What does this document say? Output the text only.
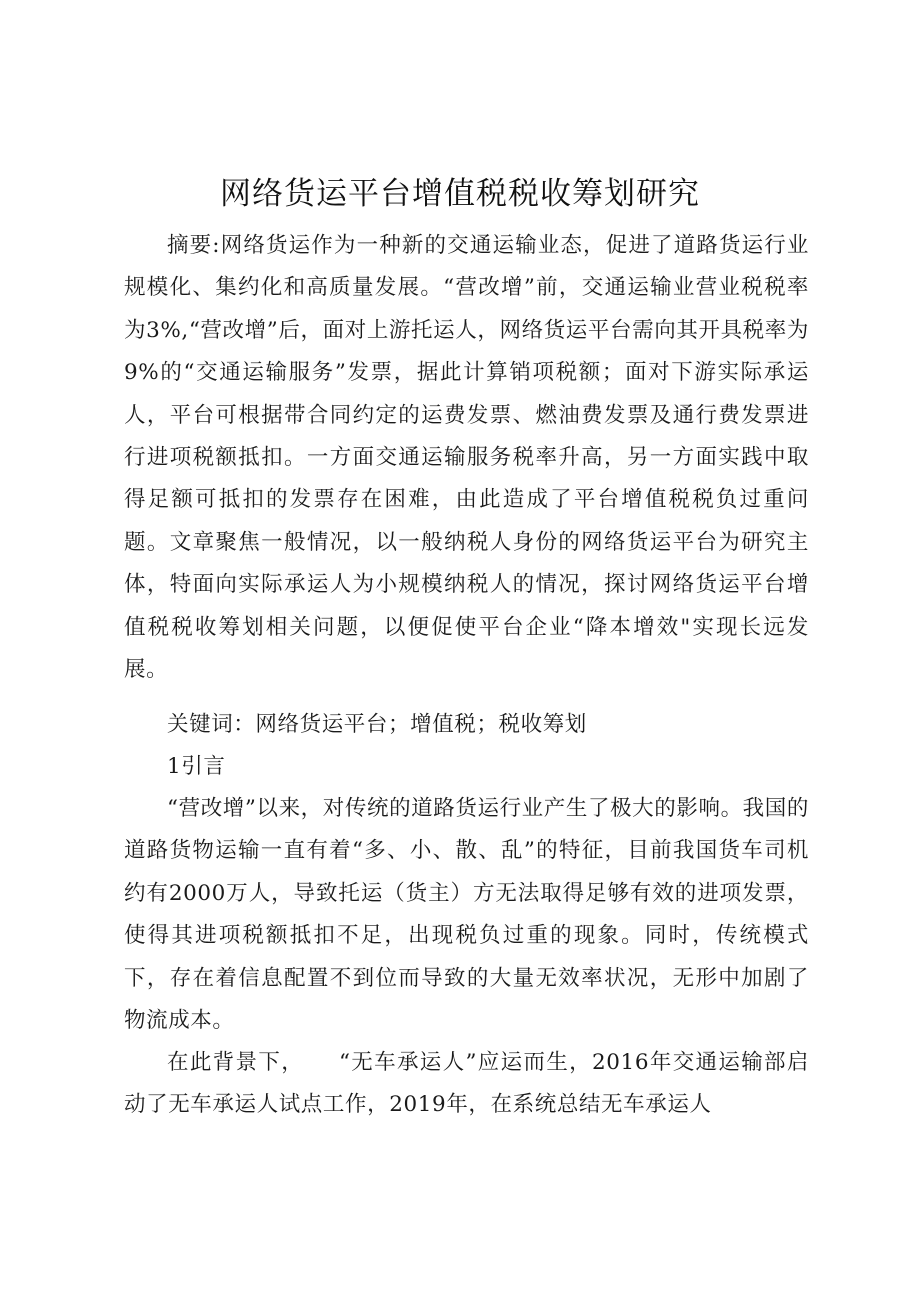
网络货运平台增值税税收筹划研究

摘要:网络货运作为一种新的交通运输业态，促进了道路货运行业规模化、集约化和高质量发展。“营改增”前，交通运输业营业税税率为3%,“营改增”后，面对上游托运人，网络货运平台需向其开具税率为9%的“交通运输服务”发票，据此计算销项税额；面对下游实际承运人，平台可根据带合同约定的运费发票、燃油费发票及通行费发票进行进项税额抵扣。一方面交通运输服务税率升高，另一方面实践中取得足额可抵扣的发票存在困难，由此造成了平台增值税税负过重问题。文章聚焦一般情况，以一般纳税人身份的网络货运平台为研究主体，特面向实际承运人为小规模纳税人的情况，探讨网络货运平台增值税税收筹划相关问题，以便促使平台企业“降本增效"实现长远发展。

关键词：网络货运平台；增值税；税收筹划

1引言

“营改增”以来，对传统的道路货运行业产生了极大的影响。我国的道路货物运输一直有着“多、小、散、乱”的特征，目前我国货车司机约有2000万人，导致托运（货主）方无法取得足够有效的进项发票，使得其进项税额抵扣不足，出现税负过重的现象。同时，传统模式下，存在着信息配置不到位而导致的大量无效率状况，无形中加剧了物流成本。

在此背景下，　　“无车承运人”应运而生，2016年交通运输部启动了无车承运人试点工作，2019年，在系统总结无车承运人
